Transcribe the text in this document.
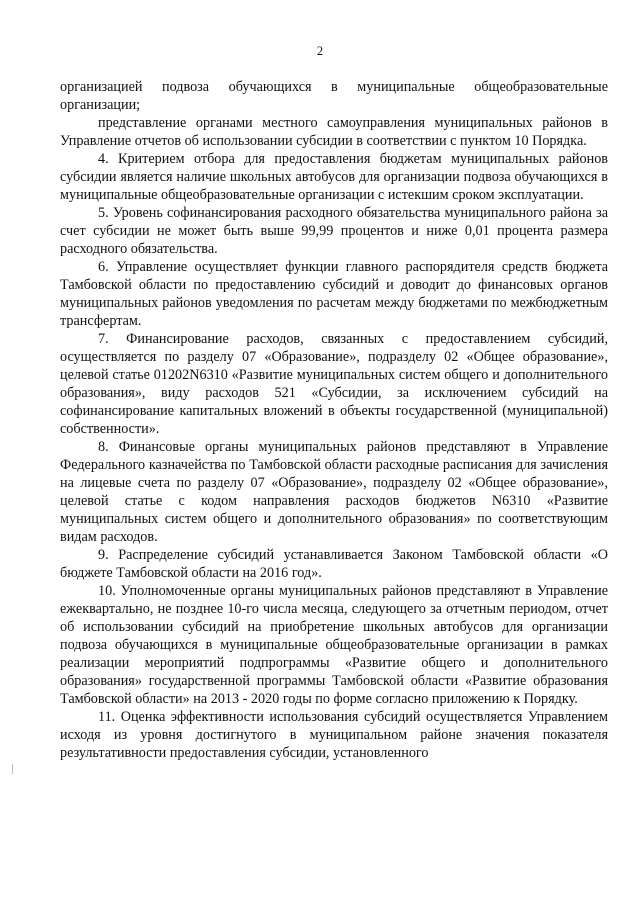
2

организацией подвоза обучающихся в муниципальные общеобразовательные организации;

представление органами местного самоуправления муниципальных районов в Управление отчетов об использовании субсидии в соответствии с пунктом 10 Порядка.

4. Критерием отбора для предоставления бюджетам муниципальных районов субсидии является наличие школьных автобусов для организации подвоза обучающихся в муниципальные общеобразовательные организации с истекшим сроком эксплуатации.

5. Уровень софинансирования расходного обязательства муниципального района за счет субсидии не может быть выше 99,99 процентов и ниже 0,01 процента размера расходного обязательства.

6. Управление осуществляет функции главного распорядителя средств бюджета Тамбовской области по предоставлению субсидий и доводит до финансовых органов муниципальных районов уведомления по расчетам между бюджетами по межбюджетным трансфертам.

7. Финансирование расходов, связанных с предоставлением субсидий, осуществляется по разделу 07 «Образование», подразделу 02 «Общее образование», целевой статье 01202N6310 «Развитие муниципальных систем общего и дополнительного образования», виду расходов 521 «Субсидии, за исключением субсидий на софинансирование капитальных вложений в объекты государственной (муниципальной) собственности».

8. Финансовые органы муниципальных районов представляют в Управление Федерального казначейства по Тамбовской области расходные расписания для зачисления на лицевые счета по разделу 07 «Образование», подразделу 02 «Общее образование», целевой статье с кодом направления расходов бюджетов N6310 «Развитие муниципальных систем общего и дополнительного образования» по соответствующим видам расходов.

9. Распределение субсидий устанавливается Законом Тамбовской области «О бюджете Тамбовской области на 2016 год».

10. Уполномоченные органы муниципальных районов представляют в Управление ежеквартально, не позднее 10-го числа месяца, следующего за отчетным периодом, отчет об использовании субсидий на приобретение школьных автобусов для организации подвоза обучающихся в муниципальные общеобразовательные организации в рамках реализации мероприятий подпрограммы «Развитие общего и дополнительного образования» государственной программы Тамбовской области «Развитие образования Тамбовской области» на 2013 - 2020 годы по форме согласно приложению к Порядку.

11. Оценка эффективности использования субсидий осуществляется Управлением исходя из уровня достигнутого в муниципальном районе значения показателя результативности предоставления субсидии, установленного
